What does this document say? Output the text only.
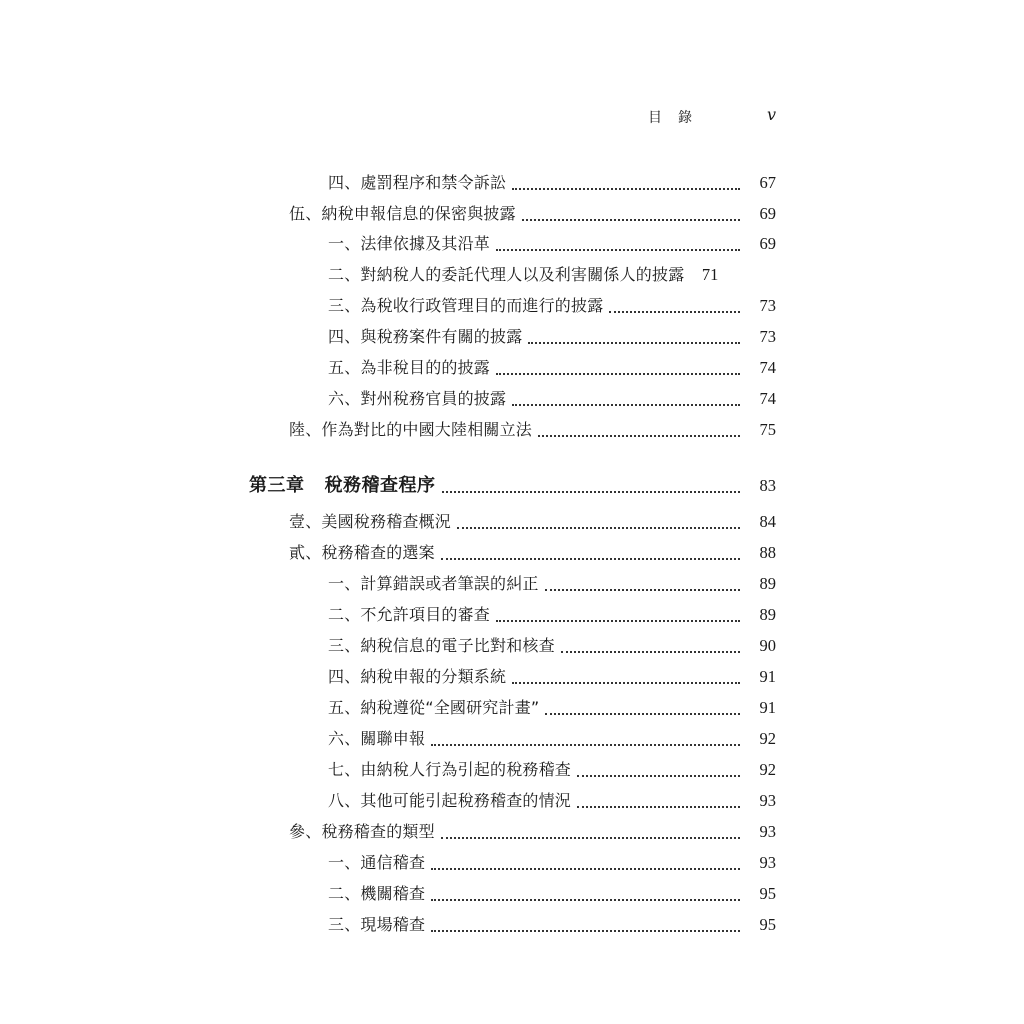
目錄	v
四、處罰程序和禁令訴訟	67
伍、納稅申報信息的保密與披露	69
一、法律依據及其沿革	69
二、對納稅人的委託代理人以及利害關係人的披露	71
三、為稅收行政管理目的而進行的披露	73
四、與稅務案件有關的披露	73
五、為非稅目的的披露	74
六、對州稅務官員的披露	74
陸、作為對比的中國大陸相關立法	75
第三章 稅務稽查程序	83
壹、美國稅務稽查概況	84
貳、稅務稽查的選案	88
一、計算錯誤或者筆誤的糾正	89
二、不允許項目的審查	89
三、納稅信息的電子比對和核查	90
四、納稅申報的分類系統	91
五、納稅遵從“全國研究計畫”	91
六、關聯申報	92
七、由納稅人行為引起的稅務稽查	92
八、其他可能引起稅務稽查的情況	93
參、稅務稽查的類型	93
一、通信稽查	93
二、機關稽查	95
三、現場稽查	95
